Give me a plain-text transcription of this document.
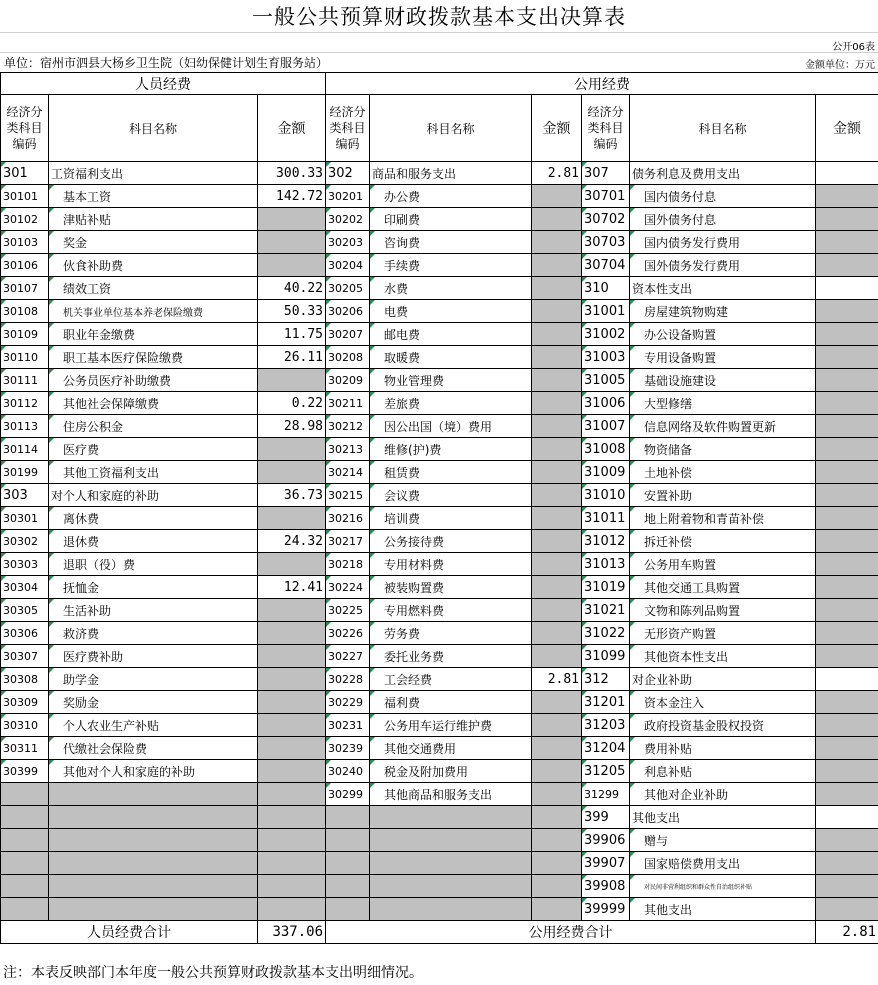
一般公共预算财政拨款基本支出决算表
公开06表
单位：宿州市泗县大杨乡卫生院（妇幼保健计划生育服务站）	金额单位：万元
人员经费			公用经费					
经济分类科目编码	科目名称	金额	经济分类科目编码	科目名称	金额	经济分类科目编码	科目名称	金额
301	工资福利支出	300.33	302	商品和服务支出	2.81	307	债务利息及费用支出	
30101	基本工资	142.72	30201	办公费		30701	国内债务付息	
30102	津贴补贴		30202	印刷费		30702	国外债务付息	
30103	奖金		30203	咨询费		30703	国内债务发行费用	
30106	伙食补助费		30204	手续费		30704	国外债务发行费用	
30107	绩效工资	40.22	30205	水费		310	资本性支出	
30108	机关事业单位基本养老保险缴费	50.33	30206	电费		31001	房屋建筑物购建	
30109	职业年金缴费	11.75	30207	邮电费		31002	办公设备购置	
30110	职工基本医疗保险缴费	26.11	30208	取暖费		31003	专用设备购置	
30111	公务员医疗补助缴费		30209	物业管理费		31005	基础设施建设	
30112	其他社会保障缴费	0.22	30211	差旅费		31006	大型修缮	
30113	住房公积金	28.98	30212	因公出国（境）费用		31007	信息网络及软件购置更新	
30114	医疗费		30213	维修(护)费		31008	物资储备	
30199	其他工资福利支出		30214	租赁费		31009	土地补偿	
303	对个人和家庭的补助	36.73	30215	会议费		31010	安置补助	
30301	离休费		30216	培训费		31011	地上附着物和青苗补偿	
30302	退休费	24.32	30217	公务接待费		31012	拆迁补偿	
30303	退职（役）费		30218	专用材料费		31013	公务用车购置	
30304	抚恤金	12.41	30224	被装购置费		31019	其他交通工具购置	
30305	生活补助		30225	专用燃料费		31021	文物和陈列品购置	
30306	救济费		30226	劳务费		31022	无形资产购置	
30307	医疗费补助		30227	委托业务费		31099	其他资本性支出	
30308	助学金		30228	工会经费	2.81	312	对企业补助	
30309	奖励金		30229	福利费		31201	资本金注入	
30310	个人农业生产补贴		30231	公务用车运行维护费		31203	政府投资基金股权投资	
30311	代缴社会保险费		30239	其他交通费用		31204	费用补贴	
30399	其他对个人和家庭的补助		30240	税金及附加费用		31205	利息补贴	
			30299	其他商品和服务支出		31299	其他对企业补助	
						399	其他支出	
						39906	赠与	
						39907	国家赔偿费用支出	
						39908	对民间非营利组织和群众性自治组织补贴	
						39999	其他支出	
人员经费合计		337.06	公用经费合计					2.81
注：本表反映部门本年度一般公共预算财政拨款基本支出明细情况。
